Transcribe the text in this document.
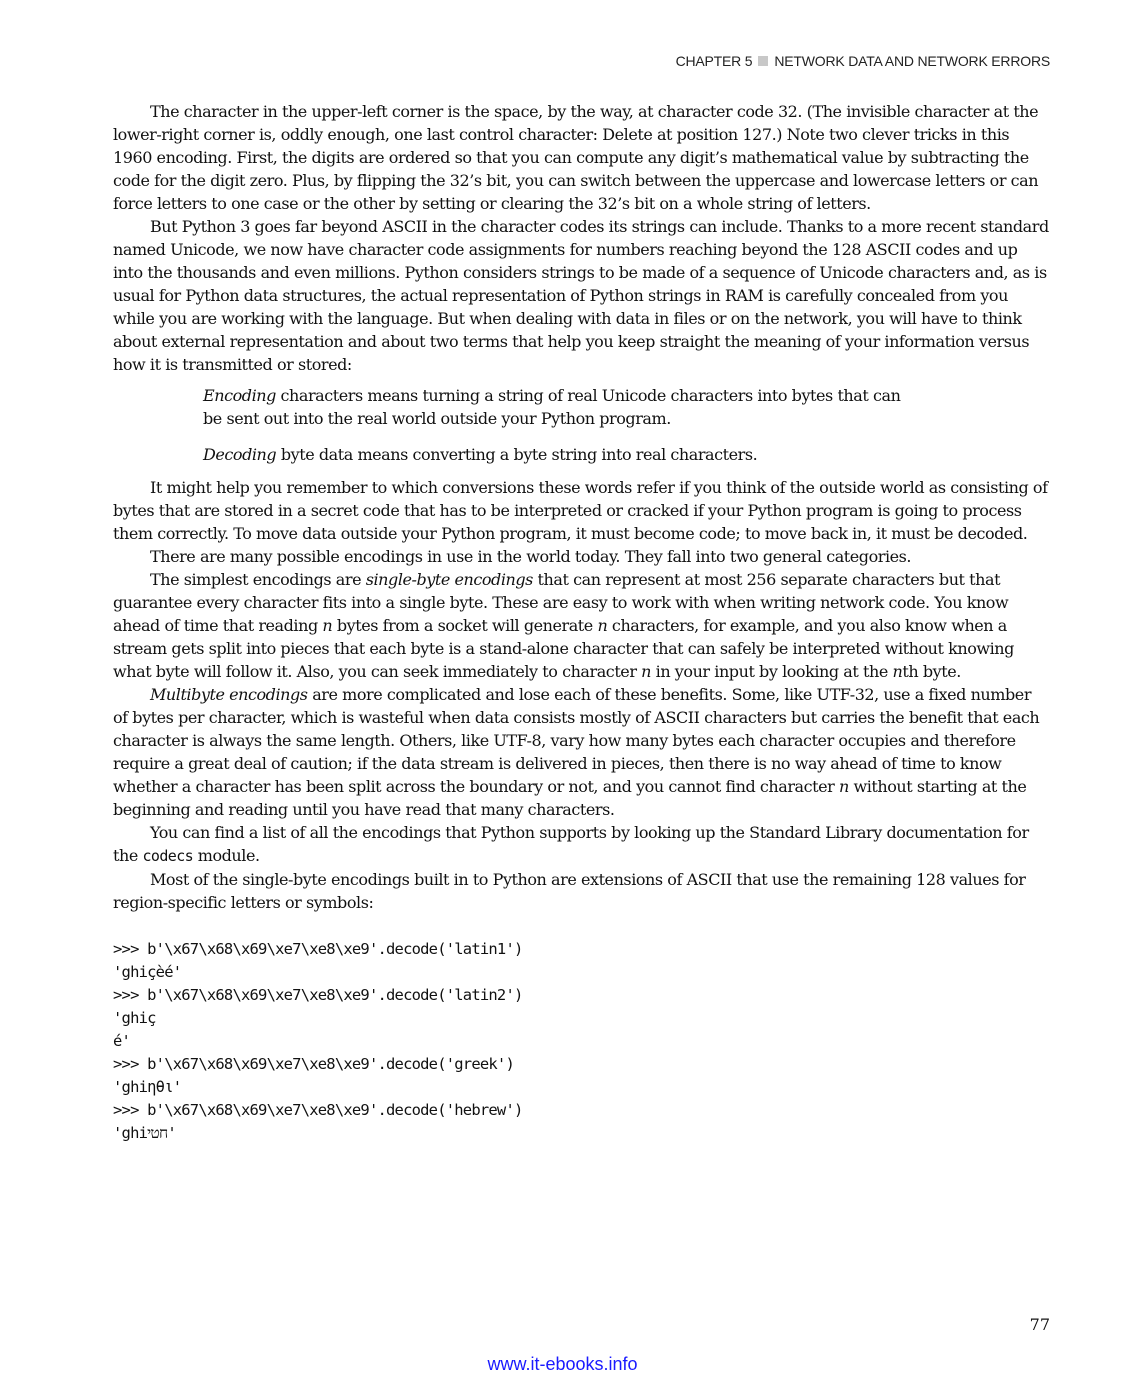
CHAPTER 5 NETWORK DATA AND NETWORK ERRORS

The character in the upper-left corner is the space, by the way, at character code 32. (The invisible character at the lower-right corner is, oddly enough, one last control character: Delete at position 127.) Note two clever tricks in this 1960 encoding. First, the digits are ordered so that you can compute any digit’s mathematical value by subtracting the code for the digit zero. Plus, by flipping the 32’s bit, you can switch between the uppercase and lowercase letters or can force letters to one case or the other by setting or clearing the 32’s bit on a whole string of letters.

But Python 3 goes far beyond ASCII in the character codes its strings can include. Thanks to a more recent standard named Unicode, we now have character code assignments for numbers reaching beyond the 128 ASCII codes and up into the thousands and even millions. Python considers strings to be made of a sequence of Unicode characters and, as is usual for Python data structures, the actual representation of Python strings in RAM is carefully concealed from you while you are working with the language. But when dealing with data in files or on the network, you will have to think about external representation and about two terms that help you keep straight the meaning of your information versus how it is transmitted or stored:

Encoding characters means turning a string of real Unicode characters into bytes that can be sent out into the real world outside your Python program.

Decoding byte data means converting a byte string into real characters.

It might help you remember to which conversions these words refer if you think of the outside world as consisting of bytes that are stored in a secret code that has to be interpreted or cracked if your Python program is going to process them correctly. To move data outside your Python program, it must become code; to move back in, it must be decoded.

There are many possible encodings in use in the world today. They fall into two general categories.

The simplest encodings are single-byte encodings that can represent at most 256 separate characters but that guarantee every character fits into a single byte. These are easy to work with when writing network code. You know ahead of time that reading n bytes from a socket will generate n characters, for example, and you also know when a stream gets split into pieces that each byte is a stand-alone character that can safely be interpreted without knowing what byte will follow it. Also, you can seek immediately to character n in your input by looking at the nth byte.

Multibyte encodings are more complicated and lose each of these benefits. Some, like UTF-32, use a fixed number of bytes per character, which is wasteful when data consists mostly of ASCII characters but carries the benefit that each character is always the same length. Others, like UTF-8, vary how many bytes each character occupies and therefore require a great deal of caution; if the data stream is delivered in pieces, then there is no way ahead of time to know whether a character has been split across the boundary or not, and you cannot find character n without starting at the beginning and reading until you have read that many characters.

You can find a list of all the encodings that Python supports by looking up the Standard Library documentation for the codecs module.

Most of the single-byte encodings built in to Python are extensions of ASCII that use the remaining 128 values for region-specific letters or symbols:

>>> b'\x67\x68\x69\xe7\xe8\xe9'.decode('latin1')
'ghiçèé'
>>> b'\x67\x68\x69\xe7\xe8\xe9'.decode('latin2')
'ghiç
é'
>>> b'\x67\x68\x69\xe7\xe8\xe9'.decode('greek')
'ghiηθι'
>>> b'\x67\x68\x69\xe7\xe8\xe9'.decode('hebrew')
'ghiחטי'
77
www.it-ebooks.info
